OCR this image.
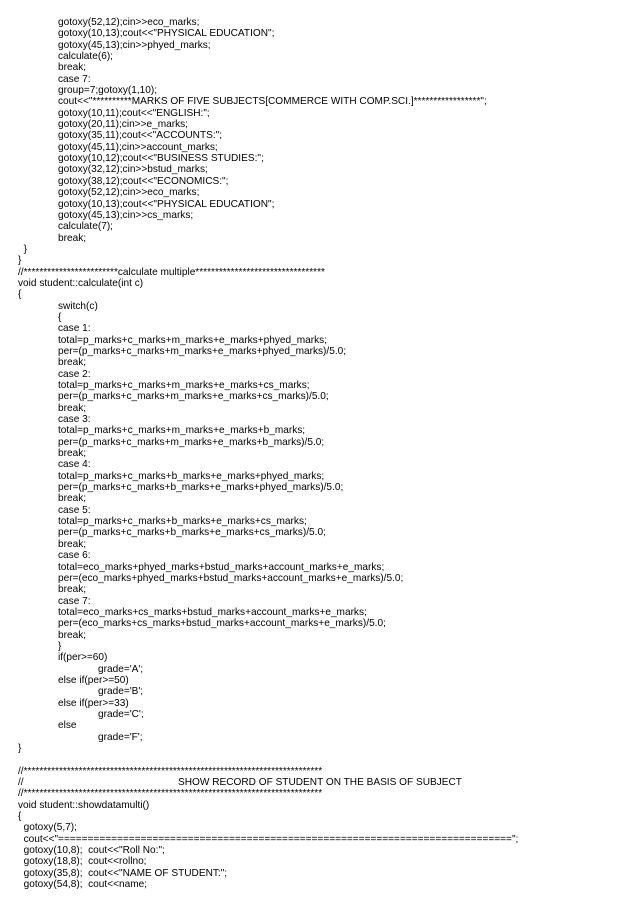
		gotoxy(52,12);cin>>eco_marks;
		gotoxy(10,13);cout<<"PHYSICAL EDUCATION";
		gotoxy(45,13);cin>>phyed_marks;
		calculate(6);
		break;
		case 7:
		group=7;gotoxy(1,10);
		cout<<"**********MARKS OF FIVE SUBJECTS[COMMERCE WITH COMP.SCI.]*****************";
		gotoxy(10,11);cout<<"ENGLISH:";
		gotoxy(20,11);cin>>e_marks;
		gotoxy(35,11);cout<<"ACCOUNTS:";
		gotoxy(45,11);cin>>account_marks;
		gotoxy(10,12);cout<<"BUSINESS STUDIES:";
		gotoxy(32,12);cin>>bstud_marks;
		gotoxy(38,12);cout<<"ECONOMICS:";
		gotoxy(52,12);cin>>eco_marks;
		gotoxy(10,13);cout<<"PHYSICAL EDUCATION";
		gotoxy(45,13);cin>>cs_marks;
		calculate(7);
		break;
}
}
//************************calculate multiple*********************************
void student::calculate(int c)
{
		switch(c)
		{
		case 1:
		total=p_marks+c_marks+m_marks+e_marks+phyed_marks;
		per=(p_marks+c_marks+m_marks+e_marks+phyed_marks)/5.0;
		break;
		case 2:
		total=p_marks+c_marks+m_marks+e_marks+cs_marks;
		per=(p_marks+c_marks+m_marks+e_marks+cs_marks)/5.0;
		break;
		case 3:
		total=p_marks+c_marks+m_marks+e_marks+b_marks;
		per=(p_marks+c_marks+m_marks+e_marks+b_marks)/5.0;
		break;
		case 4:
		total=p_marks+c_marks+b_marks+e_marks+phyed_marks;
		per=(p_marks+c_marks+b_marks+e_marks+phyed_marks)/5.0;
		break;
		case 5:
		total=p_marks+c_marks+b_marks+e_marks+cs_marks;
		per=(p_marks+c_marks+b_marks+e_marks+cs_marks)/5.0;
		break;
		case 6:
		total=eco_marks+phyed_marks+bstud_marks+account_marks+e_marks;
		per=(eco_marks+phyed_marks+bstud_marks+account_marks+e_marks)/5.0;
		break;
		case 7:
		total=eco_marks+cs_marks+bstud_marks+account_marks+e_marks;
		per=(eco_marks+cs_marks+bstud_marks+account_marks+e_marks)/5.0;
		break;
		}
		if(per>=60)
				grade='A';
		else if(per>=50)
				grade='B';
		else if(per>=33)
				grade='C';
		else
				grade='F';
}
//****************************************************************************
//								SHOW RECORD OF STUDENT ON THE BASIS OF SUBJECT
//****************************************************************************
void student::showdatamulti()
{
gotoxy(5,7);
cout<<"=============================================================================";
gotoxy(10,8);  cout<<"Roll No:";
gotoxy(18,8);  cout<<rollno;
gotoxy(35,8);  cout<<"NAME OF STUDENT:";
gotoxy(54,8);  cout<<name;
